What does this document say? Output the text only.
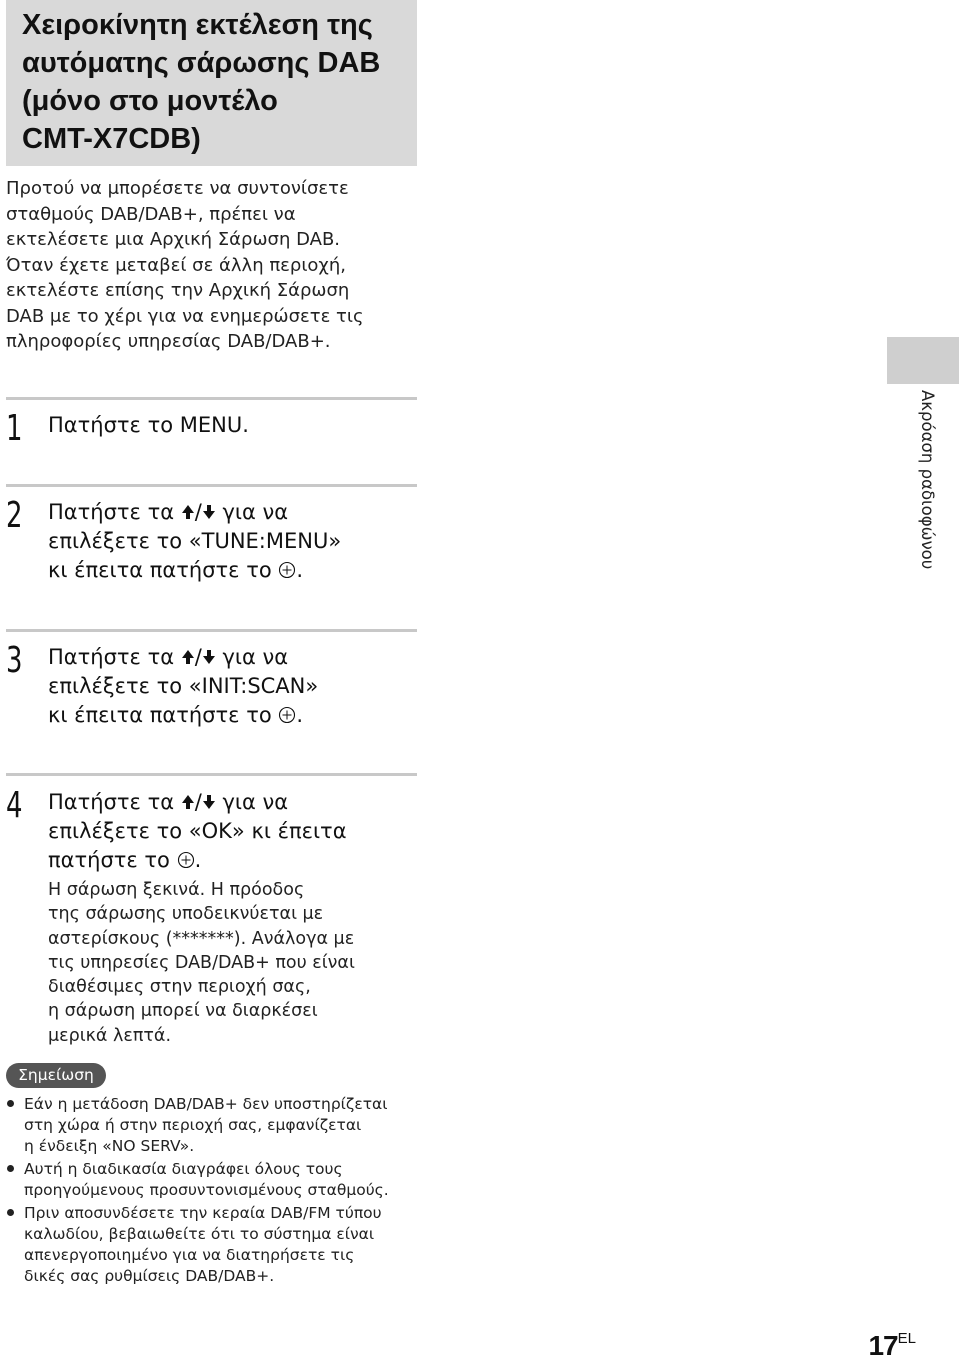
Χειροκίνητη εκτέλεση της
αυτόματης σάρωσης DAB
(μόνο στο μοντέλο
CMT-X7CDB)
Προτού να μπορέσετε να συντονίσετε
σταθμούς DAB/DAB+, πρέπει να
εκτελέσετε μια Αρχική Σάρωση DAB.
Όταν έχετε μεταβεί σε άλλη περιοχή,
εκτελέστε επίσης την Αρχική Σάρωση
DAB με το χέρι για να ενημερώσετε τις
πληροφορίες υπηρεσίας DAB/DAB+.
1 Πατήστε το MENU.
2 Πατήστε τα / για να
επιλέξετε το «TUNE:MENU»
κι έπειτα πατήστε το .
3 Πατήστε τα / για να
επιλέξετε το «INIT:SCAN»
κι έπειτα πατήστε το .
4 Πατήστε τα / για να
επιλέξετε το «OK» κι έπειτα
πατήστε το .
Η σάρωση ξεκινά. Η πρόοδος
της σάρωσης υποδεικνύεται με
αστερίσκους (*******). Ανάλογα με
τις υπηρεσίες DAB/DAB+ που είναι
διαθέσιμες στην περιοχή σας,
η σάρωση μπορεί να διαρκέσει
μερικά λεπτά.
Σημείωση
Εάν η μετάδοση DAB/DAB+ δεν υποστηρίζεται
στη χώρα ή στην περιοχή σας, εμφανίζεται
η ένδειξη «NO SERV».
Αυτή η διαδικασία διαγράφει όλους τους
προηγούμενους προσυντονισμένους σταθμούς.
Πριν αποσυνδέσετε την κεραία DAB/FM τύπου
καλωδίου, βεβαιωθείτε ότι το σύστημα είναι
απενεργοποιημένο για να διατηρήσετε τις
δικές σας ρυθμίσεις DAB/DAB+.
Ακρόαση ραδιοφώνου
17EL
